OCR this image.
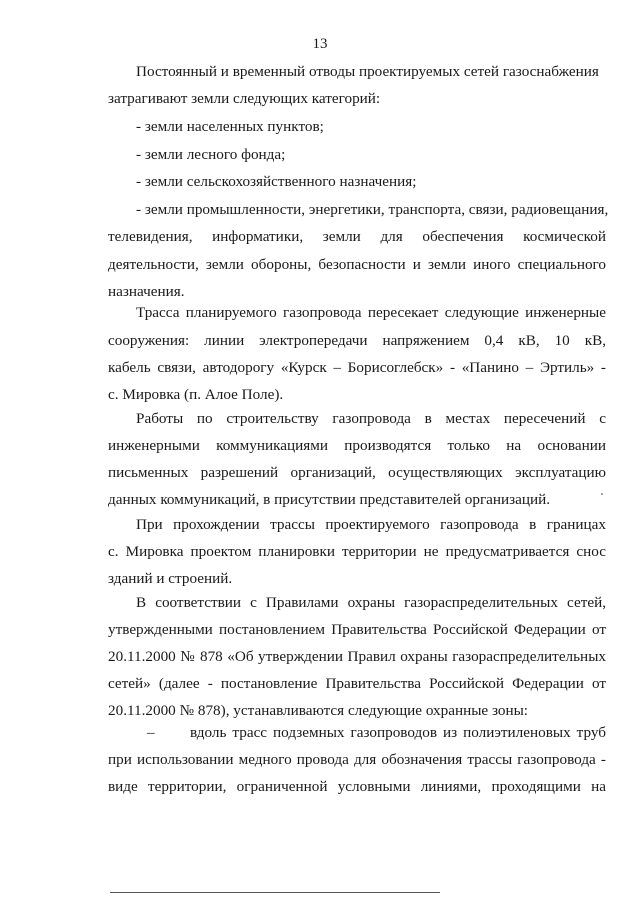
13
Постоянный и временный отводы проектируемых сетей газоснабжения
затрагивают земли следующих категорий:
- земли населенных пунктов;
- земли лесного фонда;
- земли сельскохозяйственного назначения;
- земли промышленности, энергетики, транспорта, связи, радиовещания,
телевидения, информатики, земли для обеспечения космической
деятельности, земли обороны, безопасности и земли иного специального
назначения.
Трасса планируемого газопровода пересекает следующие инженерные
сооружения: линии электропередачи напряжением 0,4 кВ, 10 кВ,
кабель связи, автодорогу «Курск – Борисоглебск» - «Панино – Эртиль» -
с. Мировка (п. Алое Поле).
Работы по строительству газопровода в местах пересечений с
инженерными коммуникациями производятся только на основании
письменных разрешений организаций, осуществляющих эксплуатацию
данных коммуникаций, в присутствии представителей организаций.
При прохождении трассы проектируемого газопровода в границах
с. Мировка проектом планировки территории не предусматривается снос
зданий и строений.
В соответствии с Правилами охраны газораспределительных сетей,
утвержденными постановлением Правительства Российской Федерации от
20.11.2000 № 878 «Об утверждении Правил охраны газораспределительных
сетей» (далее - постановление Правительства Российской Федерации от
20.11.2000 № 878), устанавливаются следующие охранные зоны:
– вдоль трасс подземных газопроводов из полиэтиленовых труб
при использовании медного провода для обозначения трассы газопровода -
виде территории, ограниченной условными линиями, проходящими на
